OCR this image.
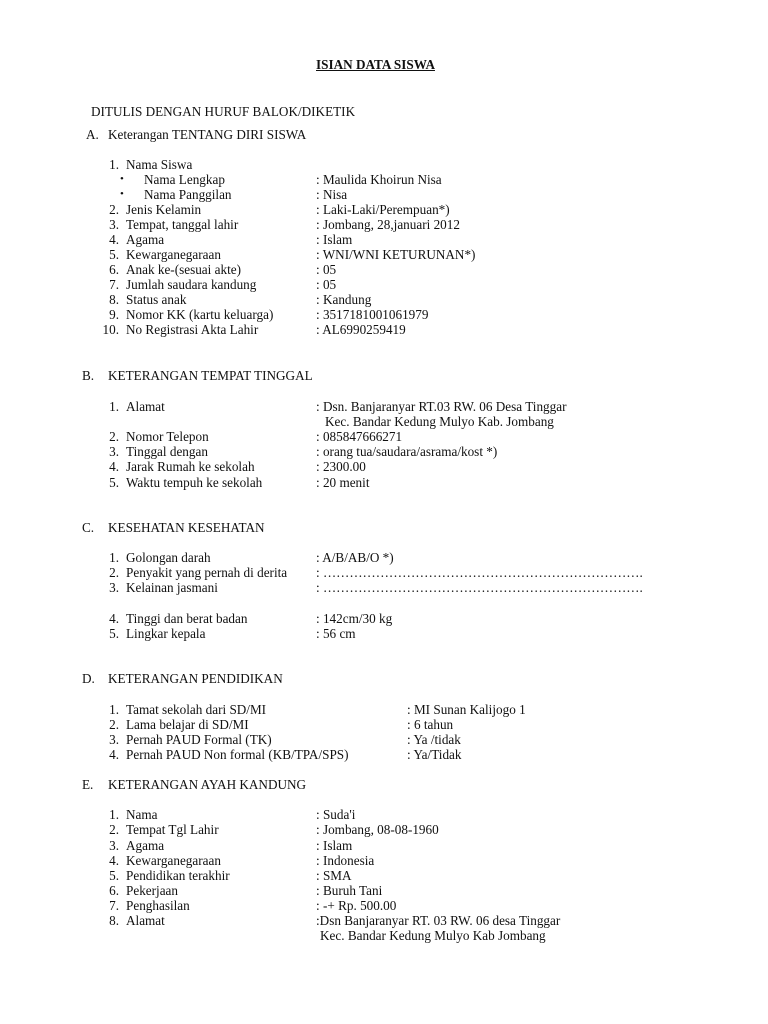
ISIAN DATA SISWA
DITULIS DENGAN HURUF BALOK/DIKETIK
A. Keterangan TENTANG DIRI SISWA
1. Nama Siswa
• Nama Lengkap	: Maulida Khoirun Nisa
• Nama Panggilan	: Nisa
2. Jenis Kelamin	: Laki-Laki/Perempuan*)
3. Tempat, tanggal lahir	: Jombang, 28,januari 2012
4. Agama	: Islam
5. Kewarganegaraan	: WNI/WNI KETURUNAN*)
6. Anak ke-(sesuai akte)	: 05
7. Jumlah saudara kandung	: 05
8. Status anak	: Kandung
9. Nomor KK (kartu keluarga)	: 3517181001061979
10. No Registrasi Akta Lahir	: AL6990259419
B. KETERANGAN TEMPAT TINGGAL
1. Alamat	: Dsn. Banjaranyar RT.03 RW. 06 Desa Tinggar
Kec. Bandar Kedung Mulyo Kab. Jombang
2. Nomor Telepon	: 085847666271
3. Tinggal dengan	: orang tua/saudara/asrama/kost *)
4. Jarak Rumah ke sekolah	: 2300.00
5. Waktu tempuh ke sekolah	: 20 menit
C. KESEHATAN KESEHATAN
1. Golongan darah	: A/B/AB/O *)
2. Penyakit yang pernah di derita : ……………………………………………………………….
3. Kelainan jasmani	: ……………………………………………………………….
4. Tinggi dan berat badan	: 142cm/30 kg
5. Lingkar kepala	: 56 cm
D. KETERANGAN PENDIDIKAN
1. Tamat sekolah dari SD/MI	: MI Sunan Kalijogo 1
2. Lama belajar di SD/MI	: 6 tahun
3. Pernah PAUD Formal (TK)	: Ya /tidak
4. Pernah PAUD Non formal (KB/TPA/SPS)	: Ya/Tidak
E. KETERANGAN AYAH KANDUNG
1. Nama	: Suda'i
2. Tempat Tgl Lahir	: Jombang, 08-08-1960
3. Agama	: Islam
4. Kewarganegaraan	: Indonesia
5. Pendidikan terakhir	: SMA
6. Pekerjaan	: Buruh Tani
7. Penghasilan	: -+ Rp. 500.00
8. Alamat	:Dsn Banjaranyar RT. 03 RW. 06 desa Tinggar
Kec. Bandar Kedung Mulyo Kab Jombang
